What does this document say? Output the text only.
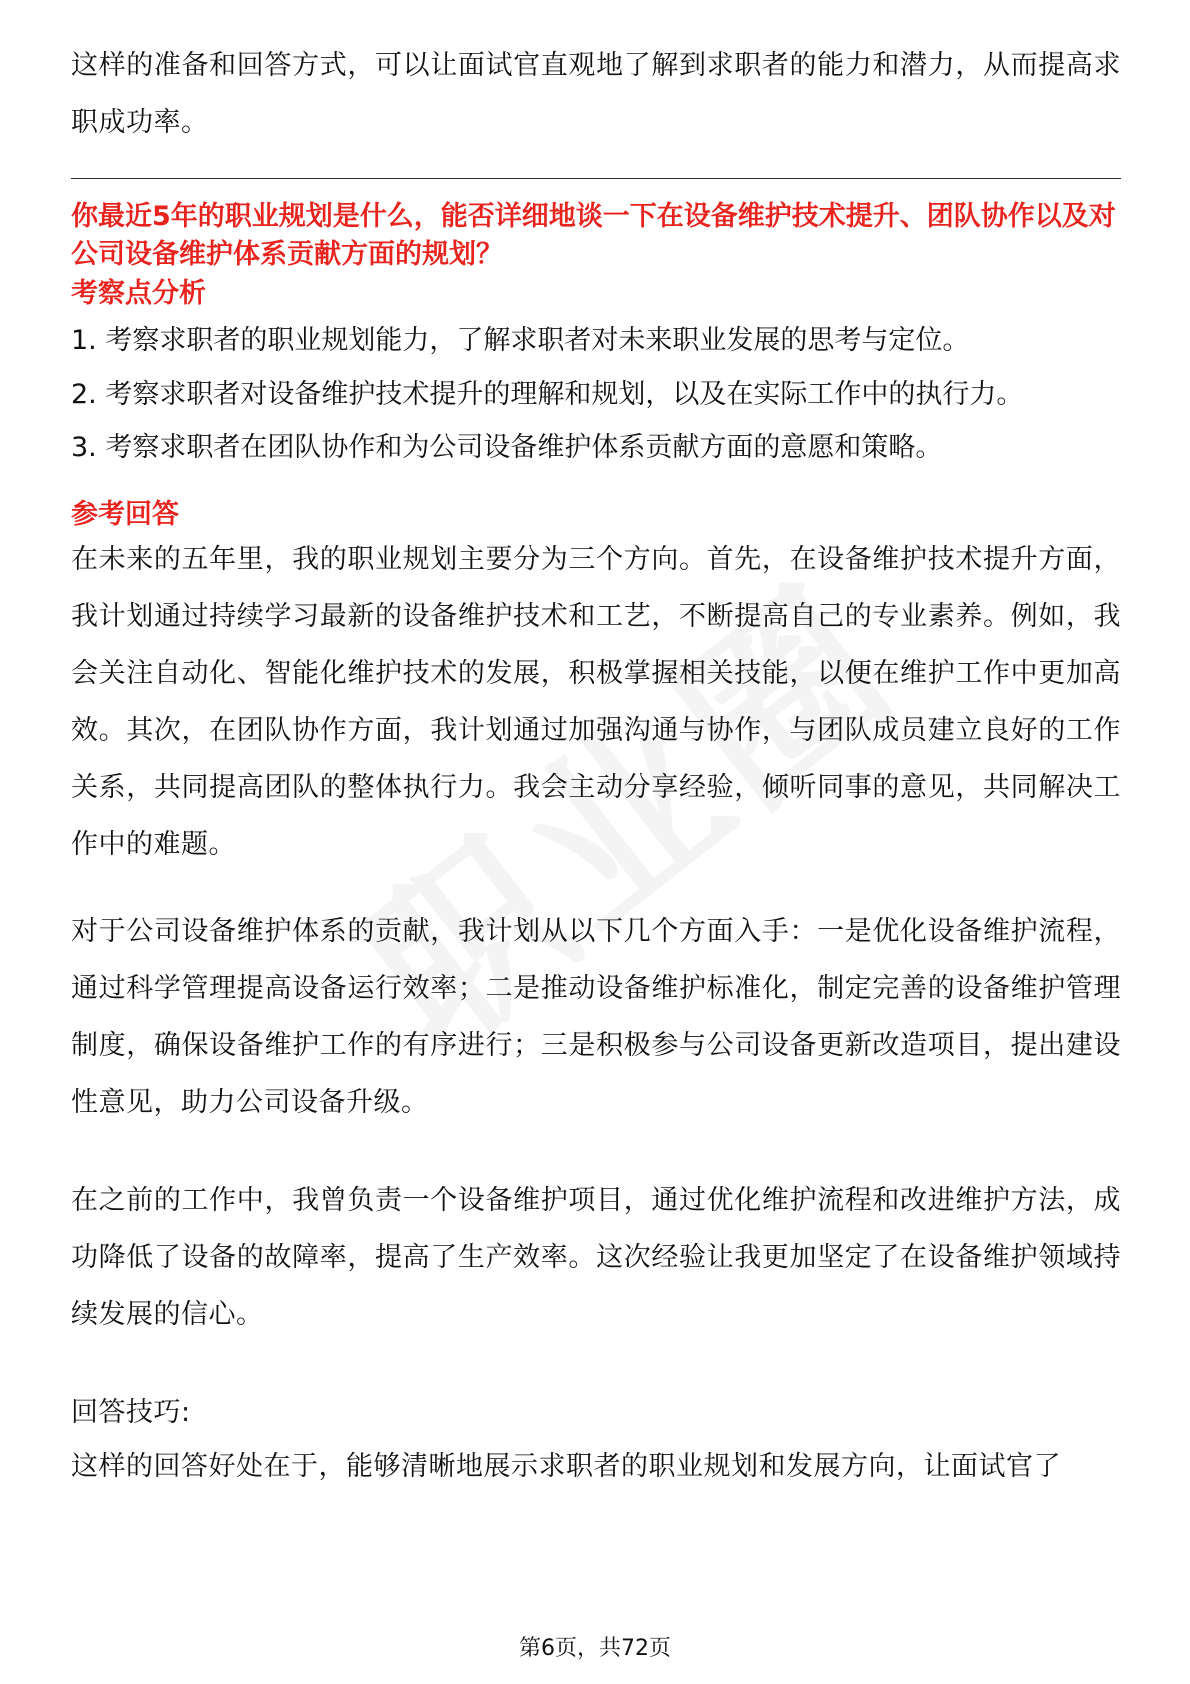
这样的准备和回答方式，可以让面试官直观地了解到求职者的能力和潜力，从而提高求职成功率。

你最近5年的职业规划是什么，能否详细地谈一下在设备维护技术提升、团队协作以及对公司设备维护体系贡献方面的规划？

考察点分析

1. 考察求职者的职业规划能力，了解求职者对未来职业发展的思考与定位。

2. 考察求职者对设备维护技术提升的理解和规划，以及在实际工作中的执行力。

3. 考察求职者在团队协作和为公司设备维护体系贡献方面的意愿和策略。

参考回答

在未来的五年里，我的职业规划主要分为三个方向。首先，在设备维护技术提升方面，我计划通过持续学习最新的设备维护技术和工艺，不断提高自己的专业素养。例如，我会关注自动化、智能化维护技术的发展，积极掌握相关技能，以便在维护工作中更加高效。其次，在团队协作方面，我计划通过加强沟通与协作，与团队成员建立良好的工作关系，共同提高团队的整体执行力。我会主动分享经验，倾听同事的意见，共同解决工作中的难题。

对于公司设备维护体系的贡献，我计划从以下几个方面入手：一是优化设备维护流程，通过科学管理提高设备运行效率；二是推动设备维护标准化，制定完善的设备维护管理制度，确保设备维护工作的有序进行；三是积极参与公司设备更新改造项目，提出建设性意见，助力公司设备升级。

在之前的工作中，我曾负责一个设备维护项目，通过优化维护流程和改进维护方法，成功降低了设备的故障率，提高了生产效率。这次经验让我更加坚定了在设备维护领域持续发展的信心。

回答技巧:

这样的回答好处在于，能够清晰地展示求职者的职业规划和发展方向，让面试官了

第6页，共72页
